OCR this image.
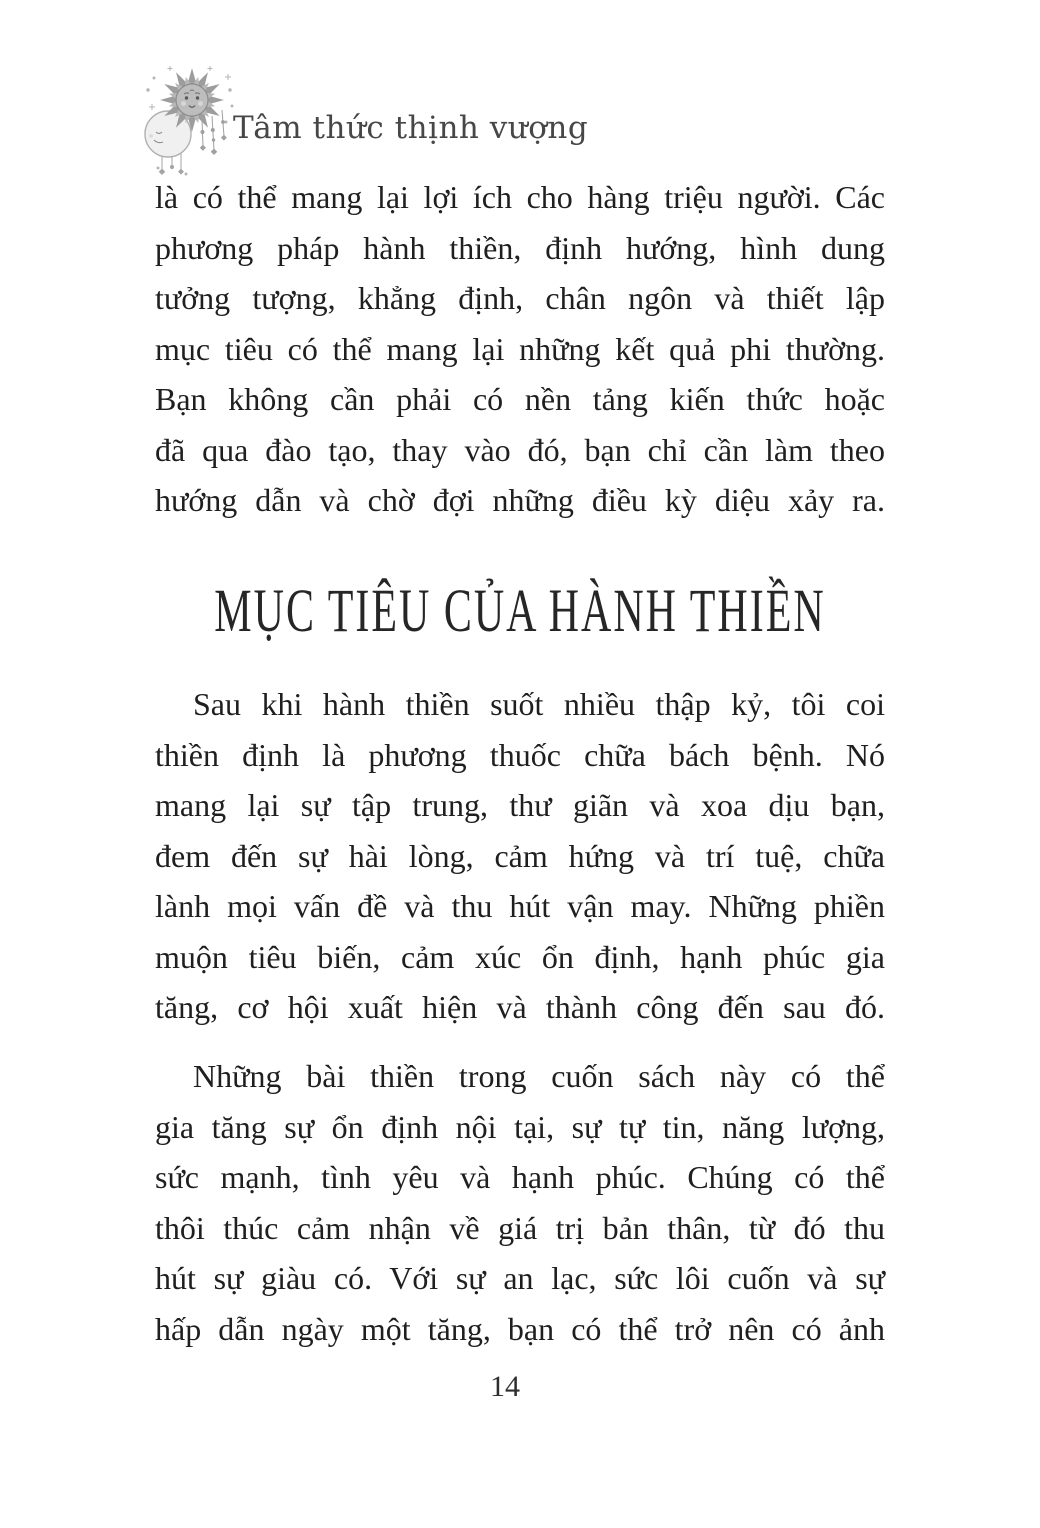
Tâm thức thịnh vượng
là có thể mang lại lợi ích cho hàng triệu người. Các
phương pháp hành thiền, định hướng, hình dung
tưởng tượng, khẳng định, chân ngôn và thiết lập
mục tiêu có thể mang lại những kết quả phi thường.
Bạn không cần phải có nền tảng kiến thức hoặc
đã qua đào tạo, thay vào đó, bạn chỉ cần làm theo
hướng dẫn và chờ đợi những điều kỳ diệu xảy ra.
MỤC TIÊU CỦA HÀNH THIỀN
Sau khi hành thiền suốt nhiều thập kỷ, tôi coi
thiền định là phương thuốc chữa bách bệnh. Nó
mang lại sự tập trung, thư giãn và xoa dịu bạn,
đem đến sự hài lòng, cảm hứng và trí tuệ, chữa
lành mọi vấn đề và thu hút vận may. Những phiền
muộn tiêu biến, cảm xúc ổn định, hạnh phúc gia
tăng, cơ hội xuất hiện và thành công đến sau đó.
Những bài thiền trong cuốn sách này có thể
gia tăng sự ổn định nội tại, sự tự tin, năng lượng,
sức mạnh, tình yêu và hạnh phúc. Chúng có thể
thôi thúc cảm nhận về giá trị bản thân, từ đó thu
hút sự giàu có. Với sự an lạc, sức lôi cuốn và sự
hấp dẫn ngày một tăng, bạn có thể trở nên có ảnh
14
